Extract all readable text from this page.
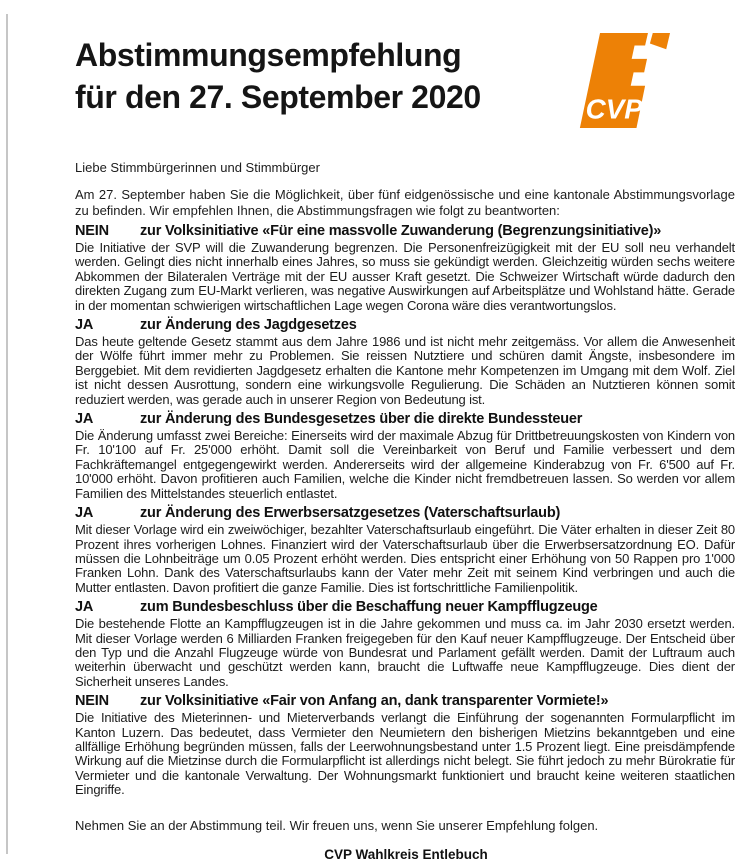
Abstimmungsempfehlung
für den 27. September 2020	CVP
Liebe Stimmbürgerinnen und Stimmbürger
Am 27. September haben Sie die Möglichkeit, über fünf eidgenössische und eine kantonale Abstimmungsvorlage zu befinden. Wir empfehlen Ihnen, die Abstimmungsfragen wie folgt zu beantworten:
NEIN	zur Volksinitiative «Für eine massvolle Zuwanderung (Begrenzungsinitiative)»
Die Initiative der SVP will die Zuwanderung begrenzen. Die Personenfreizügigkeit mit der EU soll neu verhandelt werden. Gelingt dies nicht innerhalb eines Jahres, so muss sie gekündigt werden. Gleichzeitig würden sechs weitere Abkommen der Bilateralen Verträge mit der EU ausser Kraft gesetzt. Die Schweizer Wirtschaft würde dadurch den direkten Zugang zum EU-Markt verlieren, was negative Auswirkungen auf Arbeitsplätze und Wohlstand hätte. Gerade in der momentan schwierigen wirtschaftlichen Lage wegen Corona wäre dies verantwortungslos.
JA	zur Änderung des Jagdgesetzes
Das heute geltende Gesetz stammt aus dem Jahre 1986 und ist nicht mehr zeitgemäss. Vor allem die Anwesenheit der Wölfe führt immer mehr zu Problemen. Sie reissen Nutztiere und schüren damit Ängste, insbesondere im Berggebiet. Mit dem revidierten Jagdgesetz erhalten die Kantone mehr Kompetenzen im Umgang mit dem Wolf. Ziel ist nicht dessen Ausrottung, sondern eine wirkungsvolle Regulierung. Die Schäden an Nutztieren können somit reduziert werden, was gerade auch in unserer Region von Bedeutung ist.
JA	zur Änderung des Bundesgesetzes über die direkte Bundessteuer
Die Änderung umfasst zwei Bereiche: Einerseits wird der maximale Abzug für Drittbetreuungskosten von Kindern von Fr. 10'100 auf Fr. 25'000 erhöht. Damit soll die Vereinbarkeit von Beruf und Familie verbessert und dem Fachkräftemangel entgegengewirkt werden. Andererseits wird der allgemeine Kinderabzug von Fr. 6'500 auf Fr. 10'000 erhöht. Davon profitieren auch Familien, welche die Kinder nicht fremdbetreuen lassen. So werden vor allem Familien des Mittelstandes steuerlich entlastet.
JA	zur Änderung des Erwerbsersatzgesetzes (Vaterschaftsurlaub)
Mit dieser Vorlage wird ein zweiwöchiger, bezahlter Vaterschaftsurlaub eingeführt. Die Väter erhalten in dieser Zeit 80 Prozent ihres vorherigen Lohnes. Finanziert wird der Vaterschaftsurlaub über die Erwerbsersatzordnung EO. Dafür müssen die Lohnbeiträge um 0.05 Prozent erhöht werden. Dies entspricht einer Erhöhung von 50 Rappen pro 1'000 Franken Lohn. Dank des Vaterschaftsurlaubs kann der Vater mehr Zeit mit seinem Kind verbringen und auch die Mutter entlasten. Davon profitiert die ganze Familie. Dies ist fortschrittliche Familienpolitik.
JA	zum Bundesbeschluss über die Beschaffung neuer Kampfflugzeuge
Die bestehende Flotte an Kampfflugzeugen ist in die Jahre gekommen und muss ca. im Jahr 2030 ersetzt werden. Mit dieser Vorlage werden 6 Milliarden Franken freigegeben für den Kauf neuer Kampfflugzeuge. Der Entscheid über den Typ und die Anzahl Flugzeuge würde von Bundesrat und Parlament gefällt werden. Damit der Luftraum auch weiterhin überwacht und geschützt werden kann, braucht die Luftwaffe neue Kampfflugzeuge. Dies dient der Sicherheit unseres Landes.
NEIN	zur Volksinitiative «Fair von Anfang an, dank transparenter Vormiete!»
Die Initiative des Mieterinnen- und Mieterverbands verlangt die Einführung der sogenannten Formularpflicht im Kanton Luzern. Das bedeutet, dass Vermieter den Neumietern den bisherigen Mietzins bekanntgeben und eine allfällige Erhöhung begründen müssen, falls der Leerwohnungsbestand unter 1.5 Prozent liegt. Eine preisdämpfende Wirkung auf die Mietzinse durch die Formularpflicht ist allerdings nicht belegt. Sie führt jedoch zu mehr Bürokratie für Vermieter und die kantonale Verwaltung. Der Wohnungsmarkt funktioniert und braucht keine weiteren staatlichen Eingriffe.
Nehmen Sie an der Abstimmung teil. Wir freuen uns, wenn Sie unserer Empfehlung folgen.
CVP Wahlkreis Entlebuch
